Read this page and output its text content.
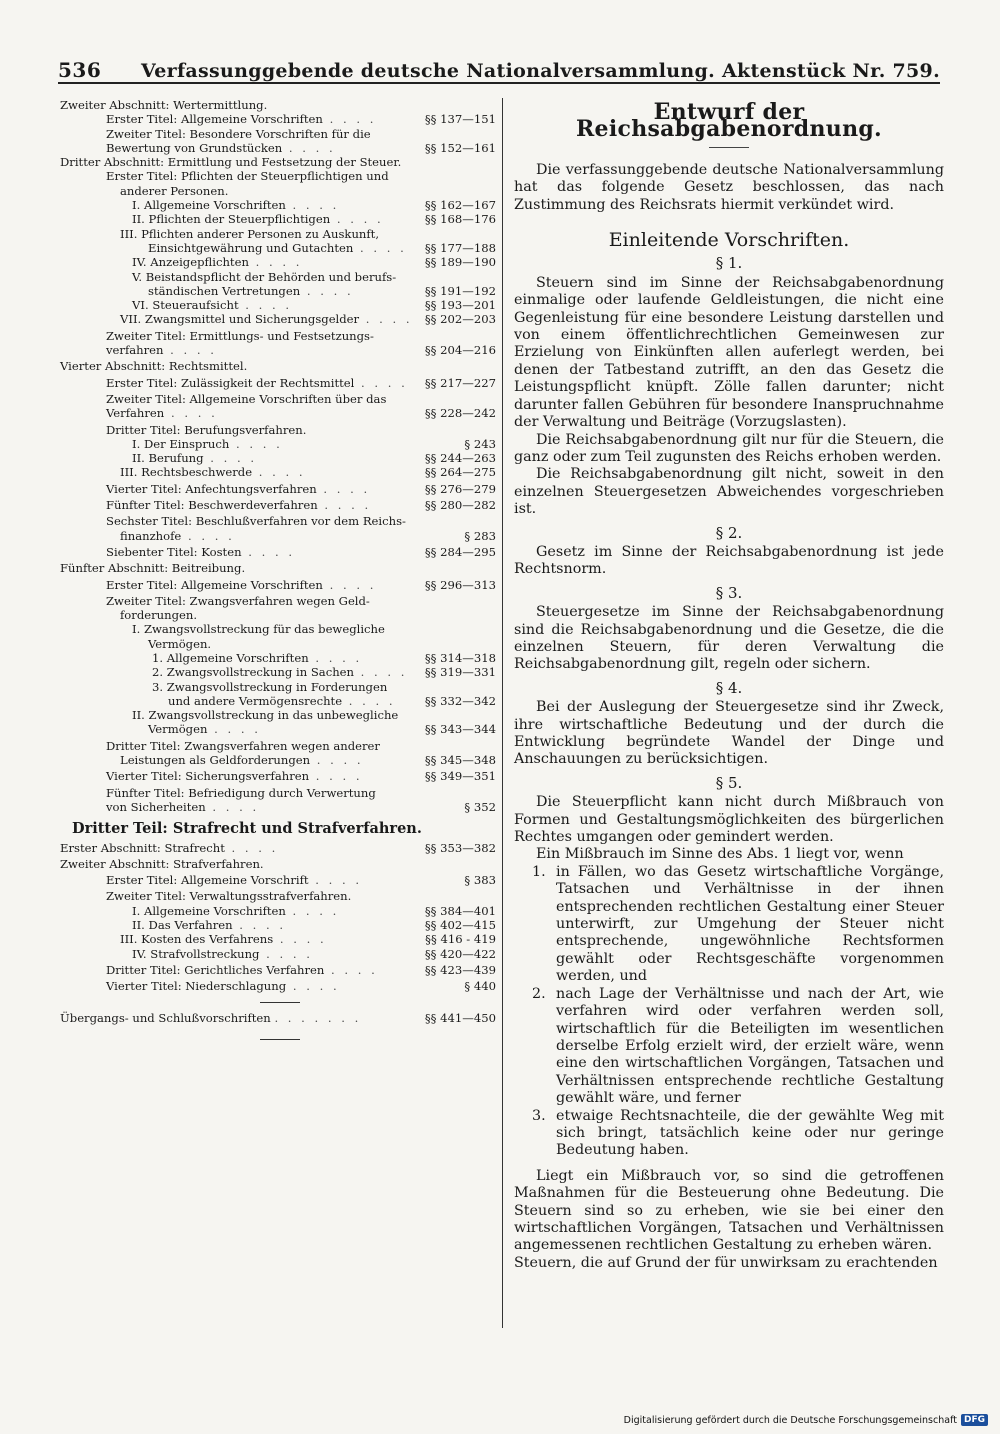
536 Verfassunggebende deutsche Nationalversammlung. Aktenstück Nr. 759.
Zweiter Abschnitt: Wertermittlung.
Erster Titel: Allgemeine Vorschriften . . . .	§§ 137—151
Zweiter Titel: Besondere Vorschriften für die
Bewertung von Grundstücken . . . .	§§ 152—161
Dritter Abschnitt: Ermittlung und Festsetzung der Steuer.
Erster Titel: Pflichten der Steuerpflichtigen und
anderer Personen.
I. Allgemeine Vorschriften . . . .	§§ 162—167
II. Pflichten der Steuerpflichtigen . . . .	§§ 168—176
III. Pflichten anderer Personen zu Auskunft,
Einsichtgewährung und Gutachten . . . .	§§ 177—188
IV. Anzeigepflichten . . . .	§§ 189—190
V. Beistandspflicht der Behörden und berufs-
ständischen Vertretungen . . . .	§§ 191—192
VI. Steueraufsicht . . . .	§§ 193—201
VII. Zwangsmittel und Sicherungsgelder . . . .	§§ 202—203
Zweiter Titel: Ermittlungs- und Festsetzungs-
verfahren . . . .	§§ 204—216
Vierter Abschnitt: Rechtsmittel.
Erster Titel: Zulässigkeit der Rechtsmittel . . . .	§§ 217—227
Zweiter Titel: Allgemeine Vorschriften über das
Verfahren . . . .	§§ 228—242
Dritter Titel: Berufungsverfahren.
I. Der Einspruch . . . .	§ 243
II. Berufung . . . .	§§ 244—263
III. Rechtsbeschwerde . . . .	§§ 264—275
Vierter Titel: Anfechtungsverfahren . . . .	§§ 276—279
Fünfter Titel: Beschwerdeverfahren . . . .	§§ 280—282
Sechster Titel: Beschlußverfahren vor dem Reichs-
finanzhofe . . . .	§ 283
Siebenter Titel: Kosten . . . .	§§ 284—295
Fünfter Abschnitt: Beitreibung.
Erster Titel: Allgemeine Vorschriften . . . .	§§ 296—313
Zweiter Titel: Zwangsverfahren wegen Geld-
forderungen.
I. Zwangsvollstreckung für das bewegliche
Vermögen.
1. Allgemeine Vorschriften . . . .	§§ 314—318
2. Zwangsvollstreckung in Sachen . . . .	§§ 319—331
3. Zwangsvollstreckung in Forderungen
und andere Vermögensrechte . . . .	§§ 332—342
II. Zwangsvollstreckung in das unbewegliche
Vermögen . . . .	§§ 343—344
Dritter Titel: Zwangsverfahren wegen anderer
Leistungen als Geldforderungen . . . .	§§ 345—348
Vierter Titel: Sicherungsverfahren . . . .	§§ 349—351
Fünfter Titel: Befriedigung durch Verwertung
von Sicherheiten . . . .	§ 352
Dritter Teil: Strafrecht und Strafverfahren.
Erster Abschnitt: Strafrecht . . . .	§§ 353—382
Zweiter Abschnitt: Strafverfahren.
Erster Titel: Allgemeine Vorschrift . . . .	§ 383
Zweiter Titel: Verwaltungsstrafverfahren.
I. Allgemeine Vorschriften . . . .	§§ 384—401
II. Das Verfahren . . . .	§§ 402—415
III. Kosten des Verfahrens . . . .	§§ 416 - 419
IV. Strafvollstreckung . . . .	§§ 420—422
Dritter Titel: Gerichtliches Verfahren . . . .	§§ 423—439
Vierter Titel: Niederschlagung . . . .	§ 440
Übergangs- und Schlußvorschriften . . . . . . .	§§ 441—450
Entwurf der Reichsabgabenordnung.

Die verfassunggebende deutsche Nationalversammlung hat das folgende Gesetz beschlossen, das nach Zustimmung des Reichsrats hiermit verkündet wird.

Einleitende Vorschriften.
§ 1.

Steuern sind im Sinne der Reichsabgabenordnung einmalige oder laufende Geldleistungen, die nicht eine Gegenleistung für eine besondere Leistung darstellen und von einem öffentlichrechtlichen Gemeinwesen zur Erzielung von Einkünften allen auferlegt werden, bei denen der Tatbestand zutrifft, an den das Gesetz die Leistungspflicht knüpft. Zölle fallen darunter; nicht darunter fallen Gebühren für besondere Inanspruchnahme der Verwaltung und Beiträge (Vorzugslasten).

Die Reichsabgabenordnung gilt nur für die Steuern, die ganz oder zum Teil zugunsten des Reichs erhoben werden.

Die Reichsabgabenordnung gilt nicht, soweit in den einzelnen Steuergesetzen Abweichendes vorgeschrieben ist.

§ 2.

Gesetz im Sinne der Reichsabgabenordnung ist jede Rechtsnorm.

§ 3.

Steuergesetze im Sinne der Reichsabgabenordnung sind die Reichsabgabenordnung und die Gesetze, die die einzelnen Steuern, für deren Verwaltung die Reichsabgabenordnung gilt, regeln oder sichern.

§ 4.

Bei der Auslegung der Steuergesetze sind ihr Zweck, ihre wirtschaftliche Bedeutung und der durch die Entwicklung begründete Wandel der Dinge und Anschauungen zu berücksichtigen.

§ 5.

Die Steuerpflicht kann nicht durch Mißbrauch von Formen und Gestaltungsmöglichkeiten des bürgerlichen Rechtes umgangen oder gemindert werden.

Ein Mißbrauch im Sinne des Abs. 1 liegt vor, wenn

1. in Fällen, wo das Gesetz wirtschaftliche Vorgänge, Tatsachen und Verhältnisse in der ihnen entsprechenden rechtlichen Gestaltung einer Steuer unterwirft, zur Umgehung der Steuer nicht entsprechende, ungewöhnliche Rechtsformen gewählt oder Rechtsgeschäfte vorgenommen werden, und

2. nach Lage der Verhältnisse und nach der Art, wie verfahren wird oder verfahren werden soll, wirtschaftlich für die Beteiligten im wesentlichen derselbe Erfolg erzielt wird, der erzielt wäre, wenn eine den wirtschaftlichen Vorgängen, Tatsachen und Verhältnissen entsprechende rechtliche Gestaltung gewählt wäre, und ferner

3. etwaige Rechtsnachteile, die der gewählte Weg mit sich bringt, tatsächlich keine oder nur geringe Bedeutung haben.

Liegt ein Mißbrauch vor, so sind die getroffenen Maßnahmen für die Besteuerung ohne Bedeutung. Die Steuern sind so zu erheben, wie sie bei einer den wirtschaftlichen Vorgängen, Tatsachen und Verhältnissen angemessenen rechtlichen Gestaltung zu erheben wären.

Steuern, die auf Grund der für unwirksam zu erachtenden

Digitalisierung gefördert durch die Deutsche Forschungsgemeinschaft DFG
